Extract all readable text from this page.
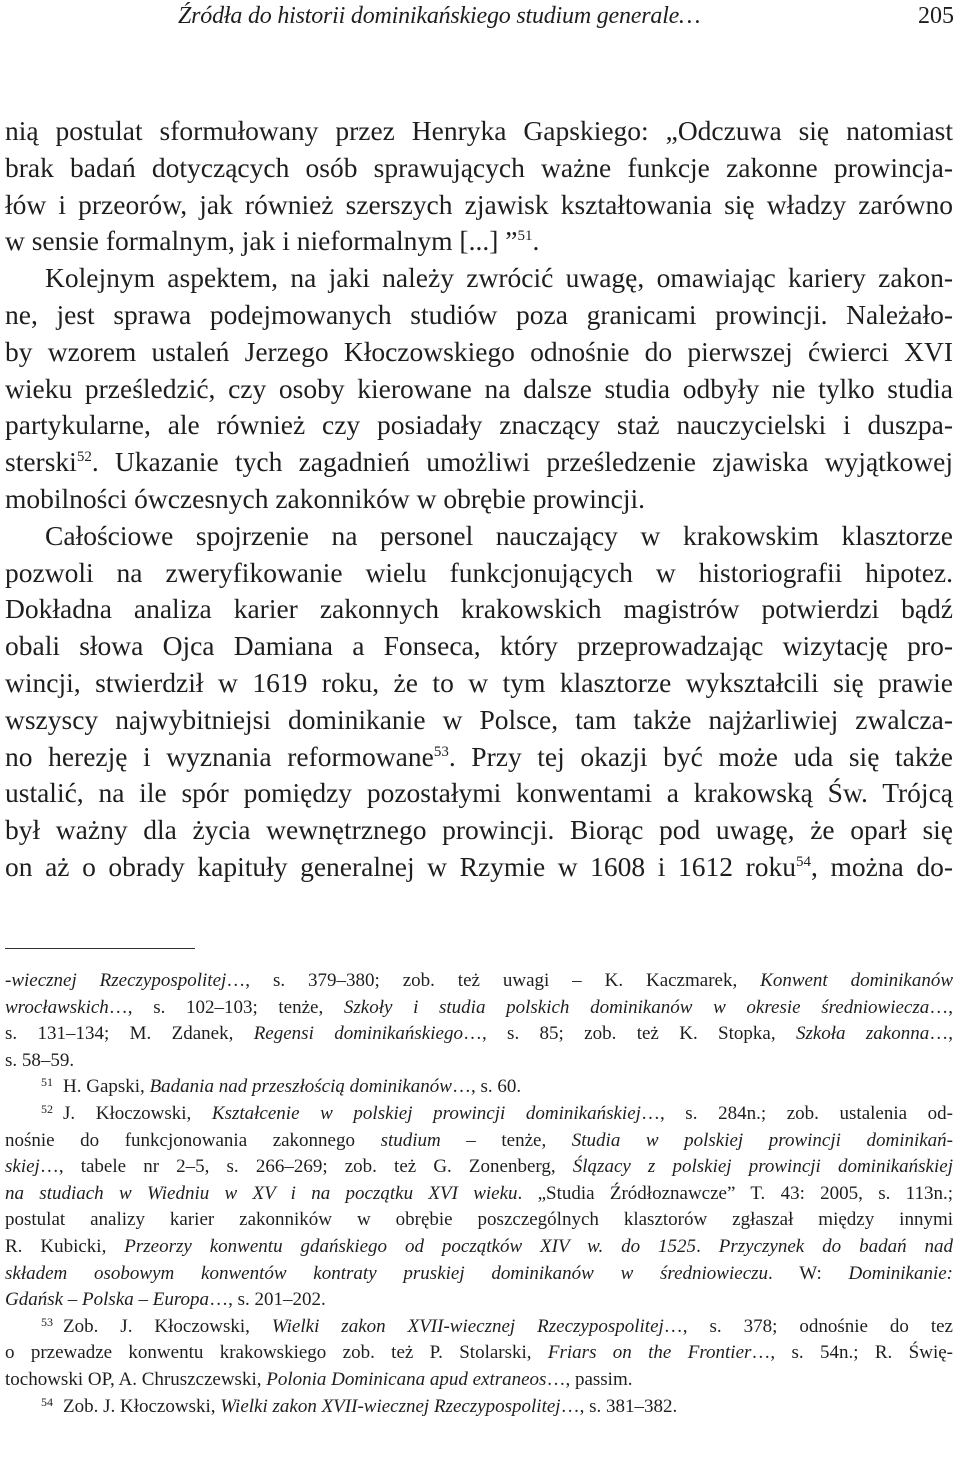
Źródła do historii dominikańskiego studium generale…	205
nią postulat sformułowany przez Henryka Gapskiego: „Odczuwa się natomiast
brak badań dotyczących osób sprawujących ważne funkcje zakonne prowincja-
łów i przeorów, jak również szerszych zjawisk kształtowania się władzy zarówno
w sensie formalnym, jak i nieformalnym [...] ”$^{51}$.
Kolejnym aspektem, na jaki należy zwrócić uwagę, omawiając kariery zakon-
ne, jest sprawa podejmowanych studiów poza granicami prowincji. Należało-
by wzorem ustaleń Jerzego Kłoczowskiego odnośnie do pierwszej ćwierci XVI
wieku prześledzić, czy osoby kierowane na dalsze studia odbyły nie tylko studia
partykularne, ale również czy posiadały znaczący staż nauczycielski i duszpa-
sterski$^{52}$. Ukazanie tych zagadnień umożliwi prześledzenie zjawiska wyjątkowej
mobilności ówczesnych zakonników w obrębie prowincji.
Całościowe spojrzenie na personel nauczający w krakowskim klasztorze
pozwoli na zweryfikowanie wielu funkcjonujących w historiografii hipotez.
Dokładna analiza karier zakonnych krakowskich magistrów potwierdzi bądź
obali słowa Ojca Damiana a Fonseca, który przeprowadzając wizytację pro-
wincji, stwierdził w 1619 roku, że to w tym klasztorze wykształcili się prawie
wszyscy najwybitniejsi dominikanie w Polsce, tam także najżarliwiej zwalcza-
no herezję i wyznania reformowane$^{53}$. Przy tej okazji być może uda się także
ustalić, na ile spór pomiędzy pozostałymi konwentami a krakowską Św. Trójcą
był ważny dla życia wewnętrznego prowincji. Biorąc pod uwagę, że oparł się
on aż o obrady kapituły generalnej w Rzymie w 1608 i 1612 roku$^{54}$, można do-
-wiecznej Rzeczypospolitej…, s. 379–380; zob. też uwagi – K. Kaczmarek, Konwent dominikanów
wrocławskich…, s. 102–103; tenże, Szkoły i studia polskich dominikanów w okresie średniowiecza…,
s. 131–134; M. Zdanek, Regensi dominikańskiego…, s. 85; zob. też K. Stopka, Szkoła zakonna…,
s. 58–59.
$^{51}$ H. Gapski, Badania nad przeszłością dominikanów…, s. 60.
$^{52}$ J. Kłoczowski, Kształcenie w polskiej prowincji dominikańskiej…, s. 284n.; zob. ustalenia od-
nośnie do funkcjonowania zakonnego studium – tenże, Studia w polskiej prowincji dominikań-
skiej…, tabele nr 2–5, s. 266–269; zob. też G. Zonenberg, Ślązacy z polskiej prowincji dominikańskiej
na studiach w Wiedniu w XV i na początku XVI wieku. „Studia Źródłoznawcze” T. 43: 2005, s. 113n.;
postulat analizy karier zakonników w obrębie poszczególnych klasztorów zgłaszał między innymi
R. Kubicki, Przeorzy konwentu gdańskiego od początków XIV w. do 1525. Przyczynek do badań nad
składem osobowym konwentów kontraty pruskiej dominikanów w średniowieczu. W: Dominikanie:
Gdańsk – Polska – Europa…, s. 201–202.
$^{53}$ Zob. J. Kłoczowski, Wielki zakon XVII-wiecznej Rzeczypospolitej…, s. 378; odnośnie do tez
o przewadze konwentu krakowskiego zob. też P. Stolarski, Friars on the Frontier…, s. 54n.; R. Świę-
tochowski OP, A. Chruszczewski, Polonia Dominicana apud extraneos…, passim.
$^{54}$ Zob. J. Kłoczowski, Wielki zakon XVII-wiecznej Rzeczypospolitej…, s. 381–382.
